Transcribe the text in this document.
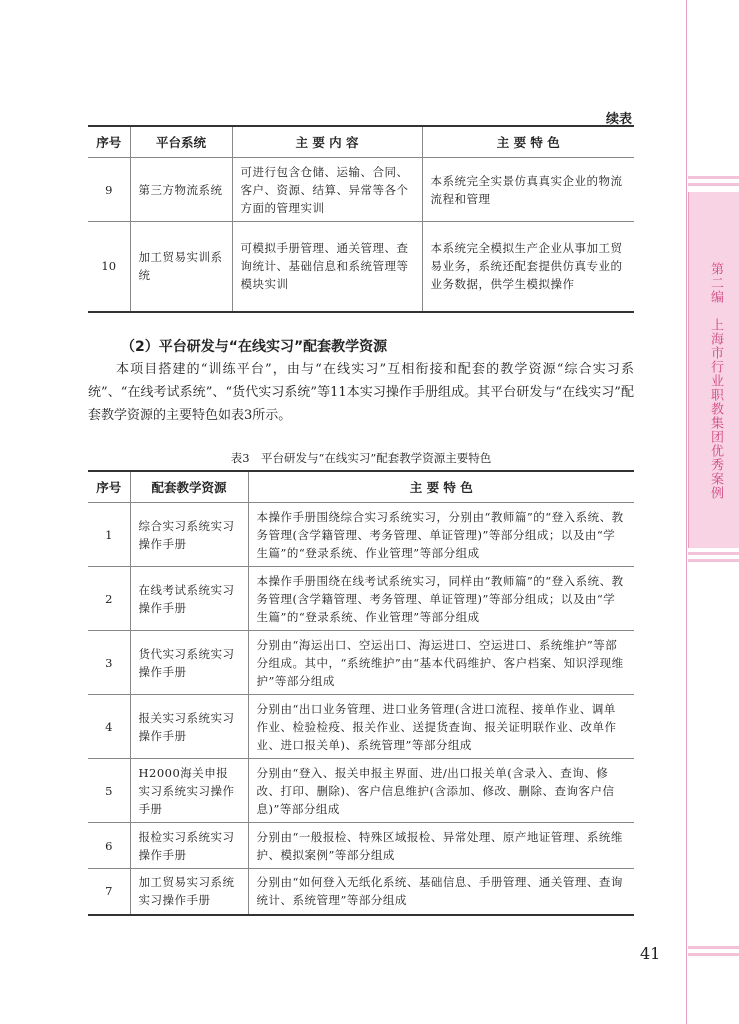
第二编　上海市行业职教集团优秀案例
续表
序号	平台系统	主 要 内 容	主 要 特 色
9	第三方物流系统	可进行包含仓储、运输、合同、客户、资源、结算、异常等各个方面的管理实训	本系统完全实景仿真真实企业的物流流程和管理
10	加工贸易实训系统	可模拟手册管理、通关管理、查询统计、基础信息和系统管理等模块实训	本系统完全模拟生产企业从事加工贸易业务，系统还配套提供仿真专业的业务数据，供学生模拟操作
（2）平台研发与“在线实习”配套教学资源
本项目搭建的“训练平台”，由与“在线实习”互相衔接和配套的教学资源“综合实习系统”、“在线考试系统”、“货代实习系统”等11本实习操作手册组成。其平台研发与“在线实习”配套教学资源的主要特色如表3所示。
表3　平台研发与“在线实习”配套教学资源主要特色
序号	配套教学资源	主 要 特 色
1	综合实习系统实习操作手册	本操作手册围绕综合实习系统实习，分别由“教师篇”的“登入系统、教务管理(含学籍管理、考务管理、单证管理)”等部分组成；以及由“学生篇”的“登录系统、作业管理”等部分组成
2	在线考试系统实习操作手册	本操作手册围绕在线考试系统实习，同样由“教师篇”的“登入系统、教务管理(含学籍管理、考务管理、单证管理)”等部分组成；以及由“学生篇”的“登录系统、作业管理”等部分组成
3	货代实习系统实习操作手册	分别由“海运出口、空运出口、海运进口、空运进口、系统维护”等部分组成。其中，“系统维护”由“基本代码维护、客户档案、知识浮现维护”等部分组成
4	报关实习系统实习操作手册	分别由“出口业务管理、进口业务管理(含进口流程、接单作业、调单作业、检验检疫、报关作业、送提货查询、报关证明联作业、改单作业、进口报关单)、系统管理”等部分组成
5	H2000海关申报实习系统实习操作手册	分别由“登入、报关申报主界面、进/出口报关单(含录入、查询、修改、打印、删除)、客户信息维护(含添加、修改、删除、查询客户信息)”等部分组成
6	报检实习系统实习操作手册	分别由“一般报检、特殊区域报检、异常处理、原产地证管理、系统维护、模拟案例”等部分组成
7	加工贸易实习系统实习操作手册	分别由“如何登入无纸化系统、基础信息、手册管理、通关管理、查询统计、系统管理”等部分组成
41
